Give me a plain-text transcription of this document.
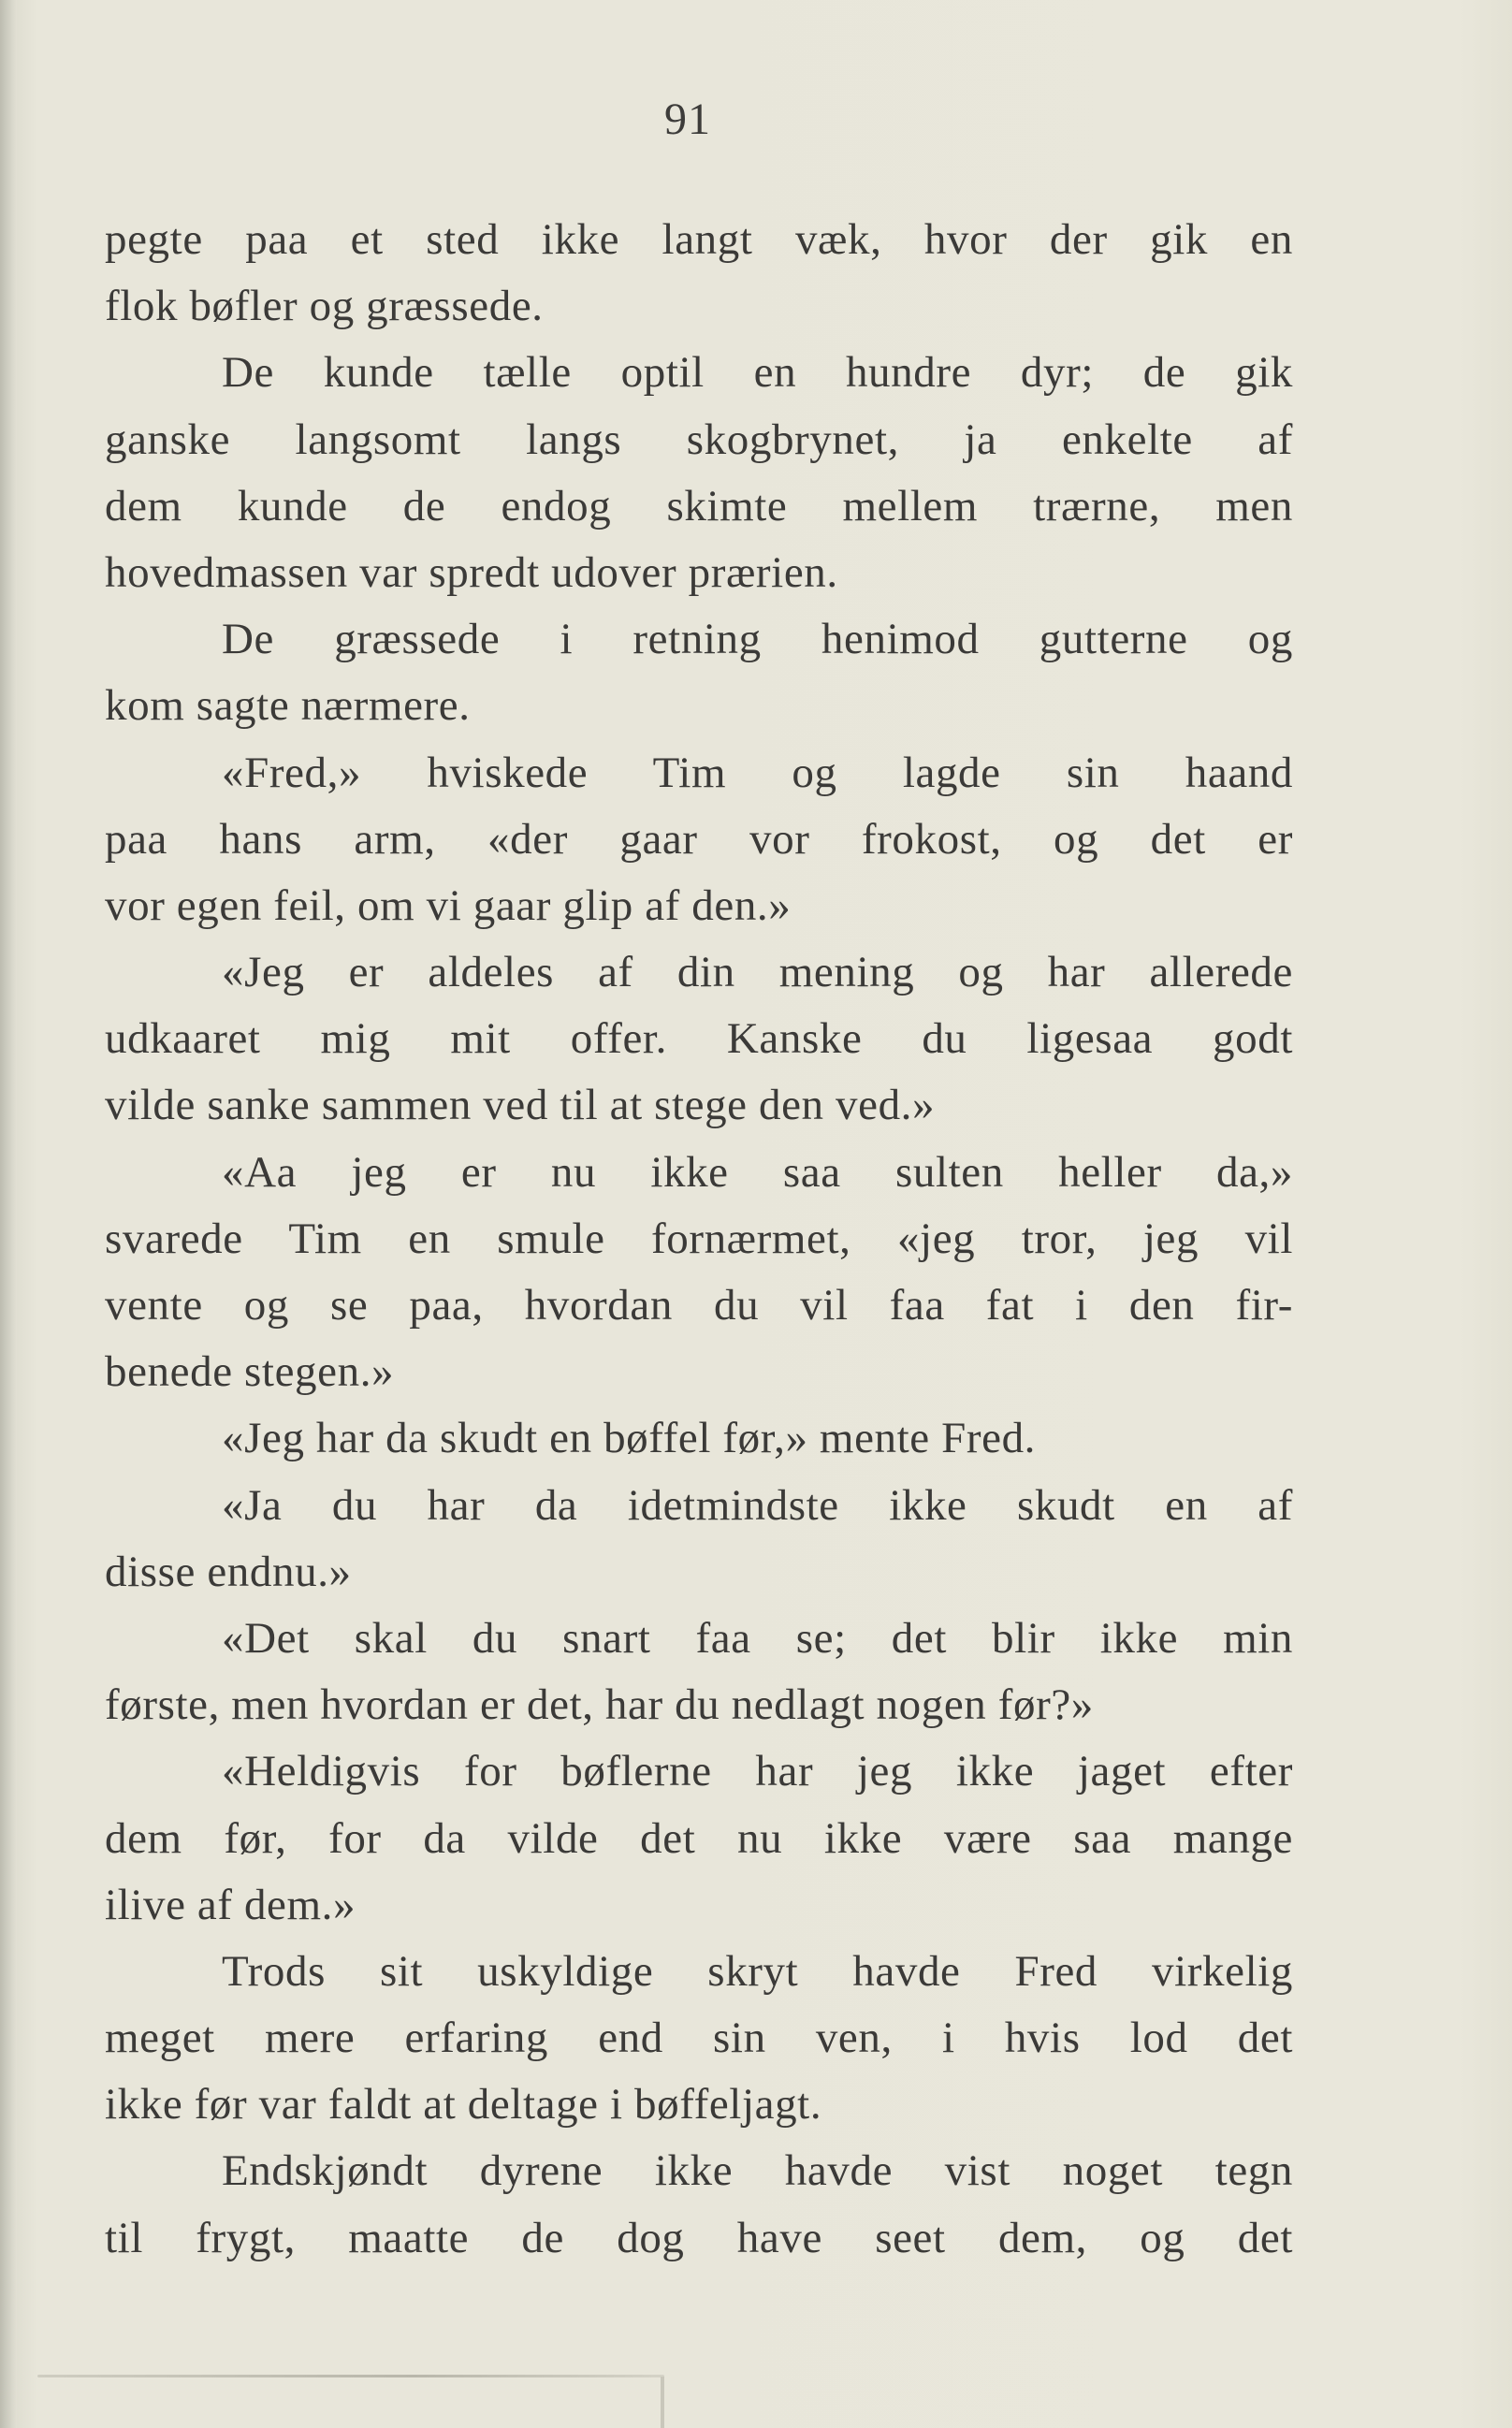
91
pegte paa et sted ikke langt væk, hvor der gik en
flok bøfler og græssede.
De kunde tælle optil en hundre dyr; de gik
ganske langsomt langs skogbrynet, ja enkelte af
dem kunde de endog skimte mellem trærne, men
hovedmassen var spredt udover prærien.
De græssede i retning henimod gutterne og
kom sagte nærmere.
«Fred,» hviskede Tim og lagde sin haand
paa hans arm, «der gaar vor frokost, og det er
vor egen feil, om vi gaar glip af den.»
«Jeg er aldeles af din mening og har allerede
udkaaret mig mit offer. Kanske du ligesaa godt
vilde sanke sammen ved til at stege den ved.»
«Aa jeg er nu ikke saa sulten heller da,»
svarede Tim en smule fornærmet, «jeg tror, jeg vil
vente og se paa, hvordan du vil faa fat i den fir-
benede stegen.»
«Jeg har da skudt en bøffel før,» mente Fred.
«Ja du har da idetmindste ikke skudt en af
disse endnu.»
«Det skal du snart faa se; det blir ikke min
første, men hvordan er det, har du nedlagt nogen før?»
«Heldigvis for bøflerne har jeg ikke jaget efter
dem før, for da vilde det nu ikke være saa mange
ilive af dem.»
Trods sit uskyldige skryt havde Fred virkelig
meget mere erfaring end sin ven, i hvis lod det
ikke før var faldt at deltage i bøffeljagt.
Endskjøndt dyrene ikke havde vist noget tegn
til frygt, maatte de dog have seet dem, og det
